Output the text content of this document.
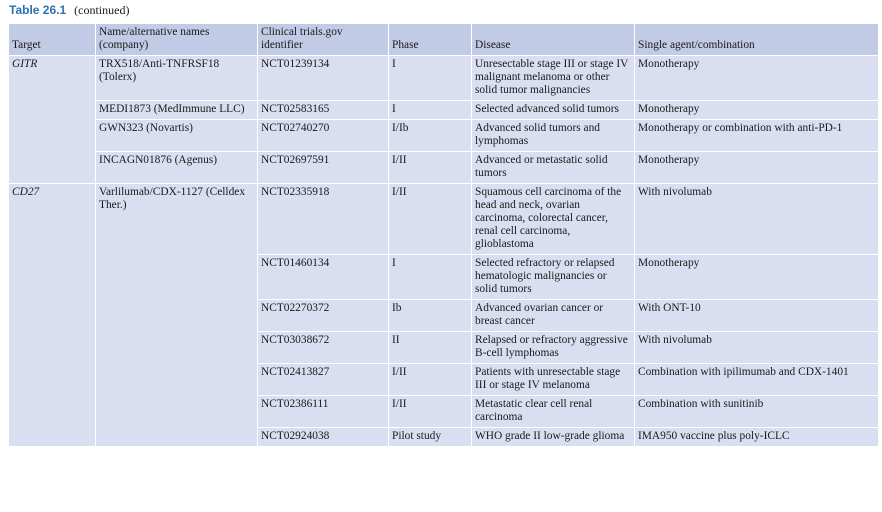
Table 26.1 (continued)
Target	Name/alternative names (company)	Clinical trials.gov identifier	Phase	Disease	Single agent/combination
GITR	TRX518/Anti-TNFRSF18 (Tolerx)	NCT01239134	I	Unresectable stage III or stage IV malignant melanoma or other solid tumor malignancies	Monotherapy
	MEDI1873 (MedImmune LLC)	NCT02583165	I	Selected advanced solid tumors	Monotherapy
	GWN323 (Novartis)	NCT02740270	I/Ib	Advanced solid tumors and lymphomas	Monotherapy or combination with anti-PD-1
	INCAGN01876 (Agenus)	NCT02697591	I/II	Advanced or metastatic solid tumors	Monotherapy
CD27	Varlilumab/CDX-1127 (Celldex Ther.)	NCT02335918	I/II	Squamous cell carcinoma of the head and neck, ovarian carcinoma, colorectal cancer, renal cell carcinoma, glioblastoma	With nivolumab
		NCT01460134	I	Selected refractory or relapsed hematologic malignancies or solid tumors	Monotherapy
		NCT02270372	Ib	Advanced ovarian cancer or breast cancer	With ONT-10
		NCT03038672	II	Relapsed or refractory aggressive B-cell lymphomas	With nivolumab
		NCT02413827	I/II	Patients with unresectable stage III or stage IV melanoma	Combination with ipilimumab and CDX-1401
		NCT02386111	I/II	Metastatic clear cell renal carcinoma	Combination with sunitinib
		NCT02924038	Pilot study	WHO grade II low-grade glioma	IMA950 vaccine plus poly-ICLC
